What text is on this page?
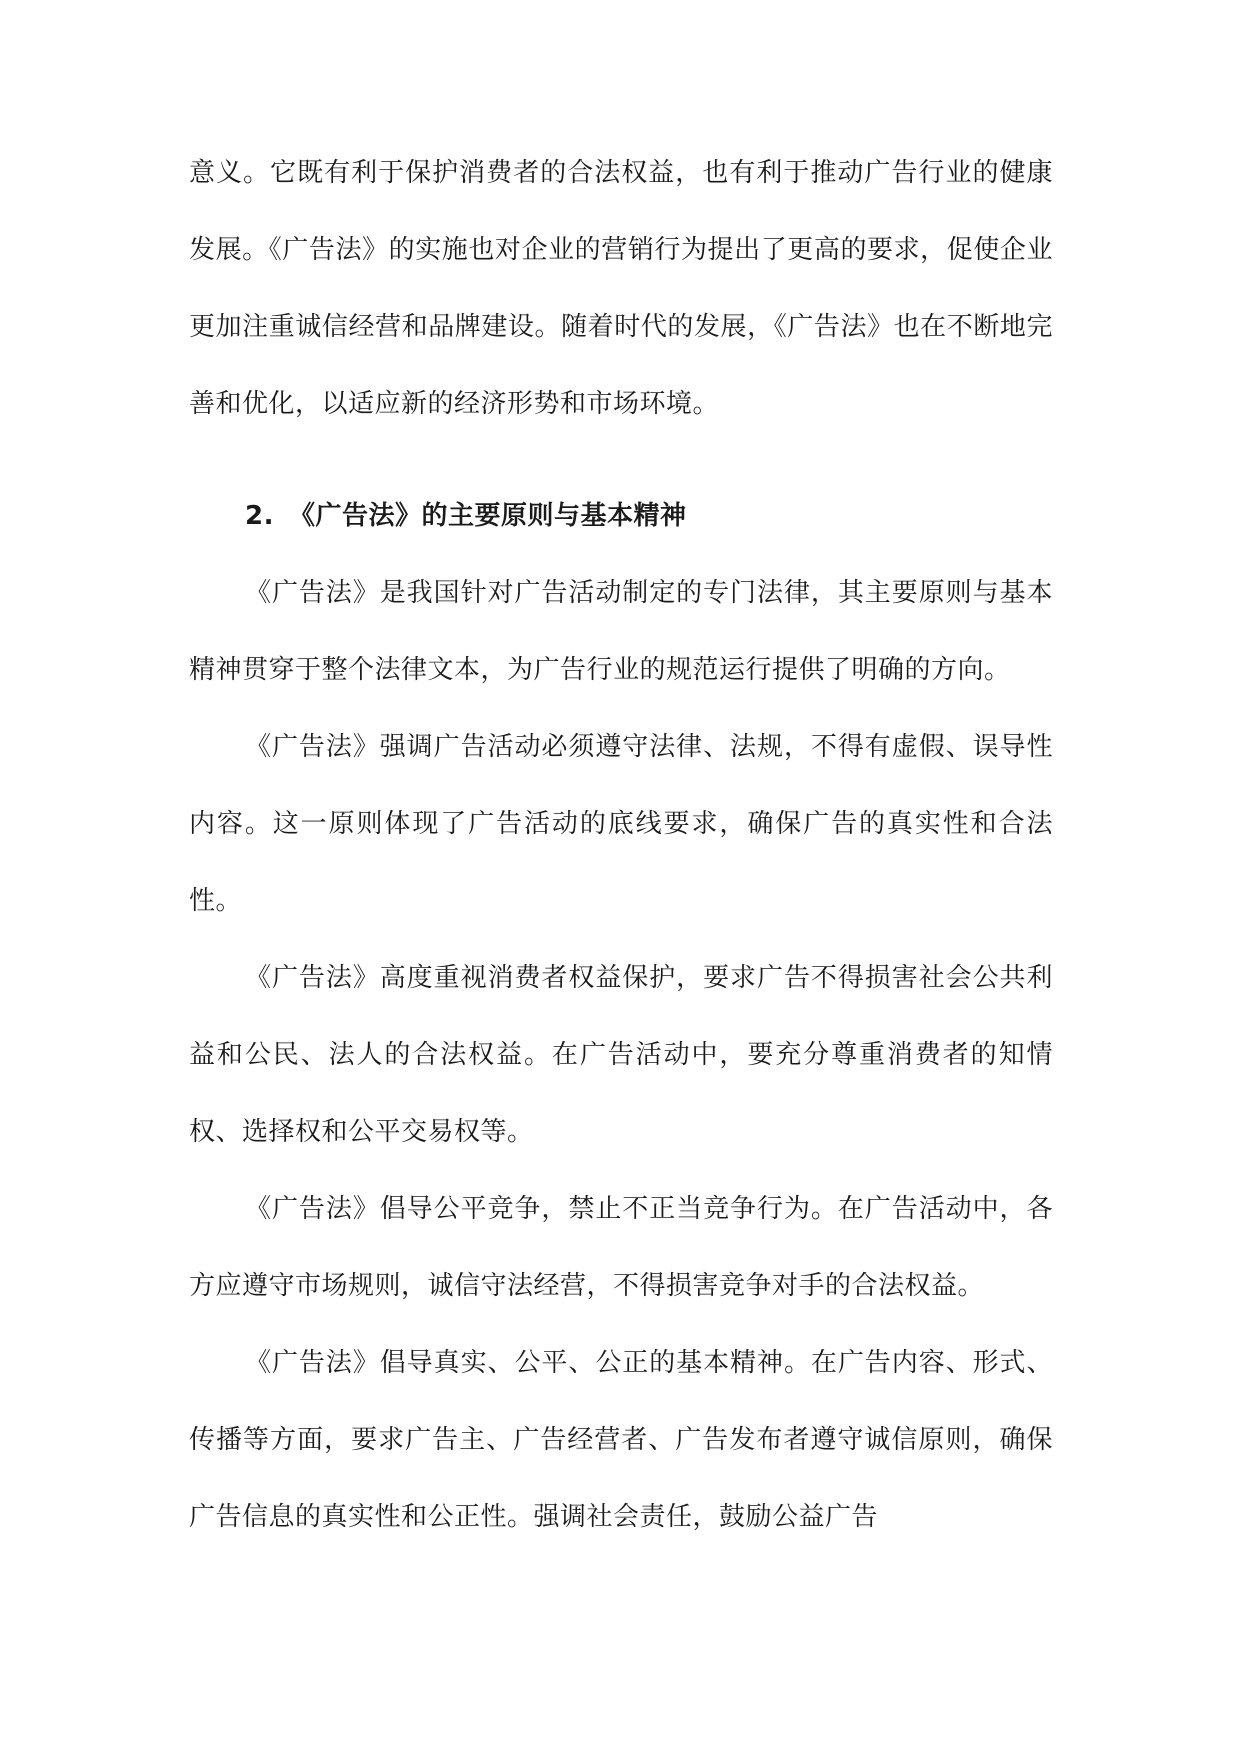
意义。它既有利于保护消费者的合法权益，也有利于推动广告行业的健康发展。《广告法》的实施也对企业的营销行为提出了更高的要求，促使企业更加注重诚信经营和品牌建设。随着时代的发展，《广告法》也在不断地完善和优化，以适应新的经济形势和市场环境。

2. 《广告法》的主要原则与基本精神

《广告法》是我国针对广告活动制定的专门法律，其主要原则与基本精神贯穿于整个法律文本，为广告行业的规范运行提供了明确的方向。

《广告法》强调广告活动必须遵守法律、法规，不得有虚假、误导性内容。这一原则体现了广告活动的底线要求，确保广告的真实性和合法性。

《广告法》高度重视消费者权益保护，要求广告不得损害社会公共利益和公民、法人的合法权益。在广告活动中，要充分尊重消费者的知情权、选择权和公平交易权等。

《广告法》倡导公平竞争，禁止不正当竞争行为。在广告活动中，各方应遵守市场规则，诚信守法经营，不得损害竞争对手的合法权益。

《广告法》倡导真实、公平、公正的基本精神。在广告内容、形式、传播等方面，要求广告主、广告经营者、广告发布者遵守诚信原则，确保广告信息的真实性和公正性。强调社会责任，鼓励公益广告
